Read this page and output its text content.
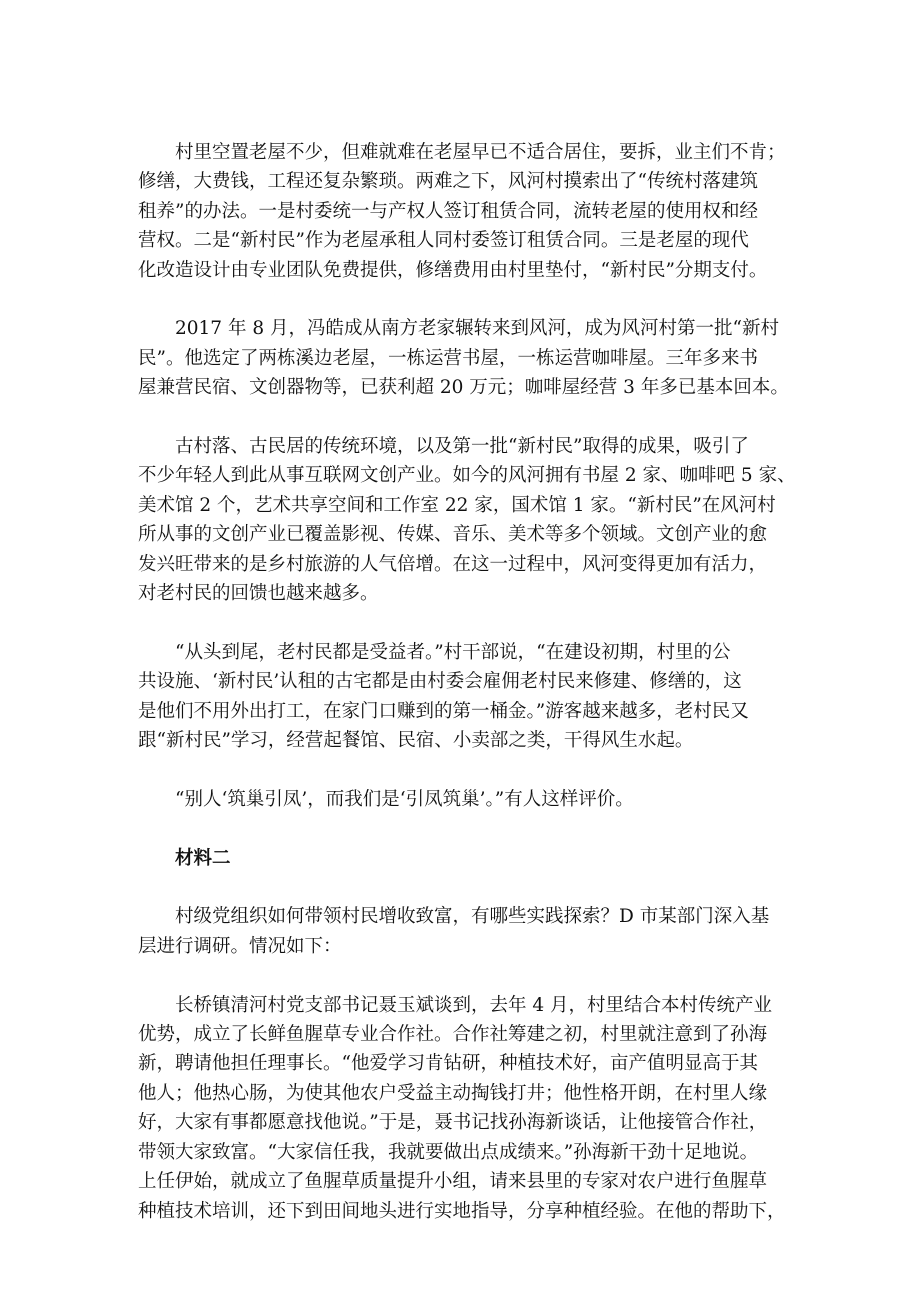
村里空置老屋不少，但难就难在老屋早已不适合居住，要拆，业主们不肯；
修缮，大费钱，工程还复杂繁琐。两难之下，风河村摸索出了“传统村落建筑
租养”的办法。一是村委统一与产权人签订租赁合同，流转老屋的使用权和经
营权。二是“新村民”作为老屋承租人同村委签订租赁合同。三是老屋的现代
化改造设计由专业团队免费提供，修缮费用由村里垫付，“新村民”分期支付。
2017 年 8 月，冯皓成从南方老家辗转来到风河，成为风河村第一批“新村
民”。他选定了两栋溪边老屋，一栋运营书屋，一栋运营咖啡屋。三年多来书
屋兼营民宿、文创器物等，已获利超 20 万元；咖啡屋经营 3 年多已基本回本。
古村落、古民居的传统环境，以及第一批“新村民”取得的成果，吸引了
不少年轻人到此从事互联网文创产业。如今的风河拥有书屋 2 家、咖啡吧 5 家、
美术馆 2 个，艺术共享空间和工作室 22 家，国术馆 1 家。“新村民”在风河村
所从事的文创产业已覆盖影视、传媒、音乐、美术等多个领域。文创产业的愈
发兴旺带来的是乡村旅游的人气倍增。在这一过程中，风河变得更加有活力，
对老村民的回馈也越来越多。
“从头到尾，老村民都是受益者。”村干部说，“在建设初期，村里的公
共设施、‘新村民’认租的古宅都是由村委会雇佣老村民来修建、修缮的，这
是他们不用外出打工，在家门口赚到的第一桶金。”游客越来越多，老村民又
跟“新村民”学习，经营起餐馆、民宿、小卖部之类，干得风生水起。
“别人‘筑巢引凤’，而我们是‘引凤筑巢’。”有人这样评价。
材料二
村级党组织如何带领村民增收致富，有哪些实践探索？D 市某部门深入基
层进行调研。情况如下：
长桥镇清河村党支部书记聂玉斌谈到，去年 4 月，村里结合本村传统产业
优势，成立了长鲜鱼腥草专业合作社。合作社筹建之初，村里就注意到了孙海
新，聘请他担任理事长。“他爱学习肯钻研，种植技术好，亩产值明显高于其
他人；他热心肠，为使其他农户受益主动掏钱打井；他性格开朗，在村里人缘
好，大家有事都愿意找他说。”于是，聂书记找孙海新谈话，让他接管合作社，
带领大家致富。“大家信任我，我就要做出点成绩来。”孙海新干劲十足地说。
上任伊始，就成立了鱼腥草质量提升小组，请来县里的专家对农户进行鱼腥草
种植技术培训，还下到田间地头进行实地指导，分享种植经验。在他的帮助下，
